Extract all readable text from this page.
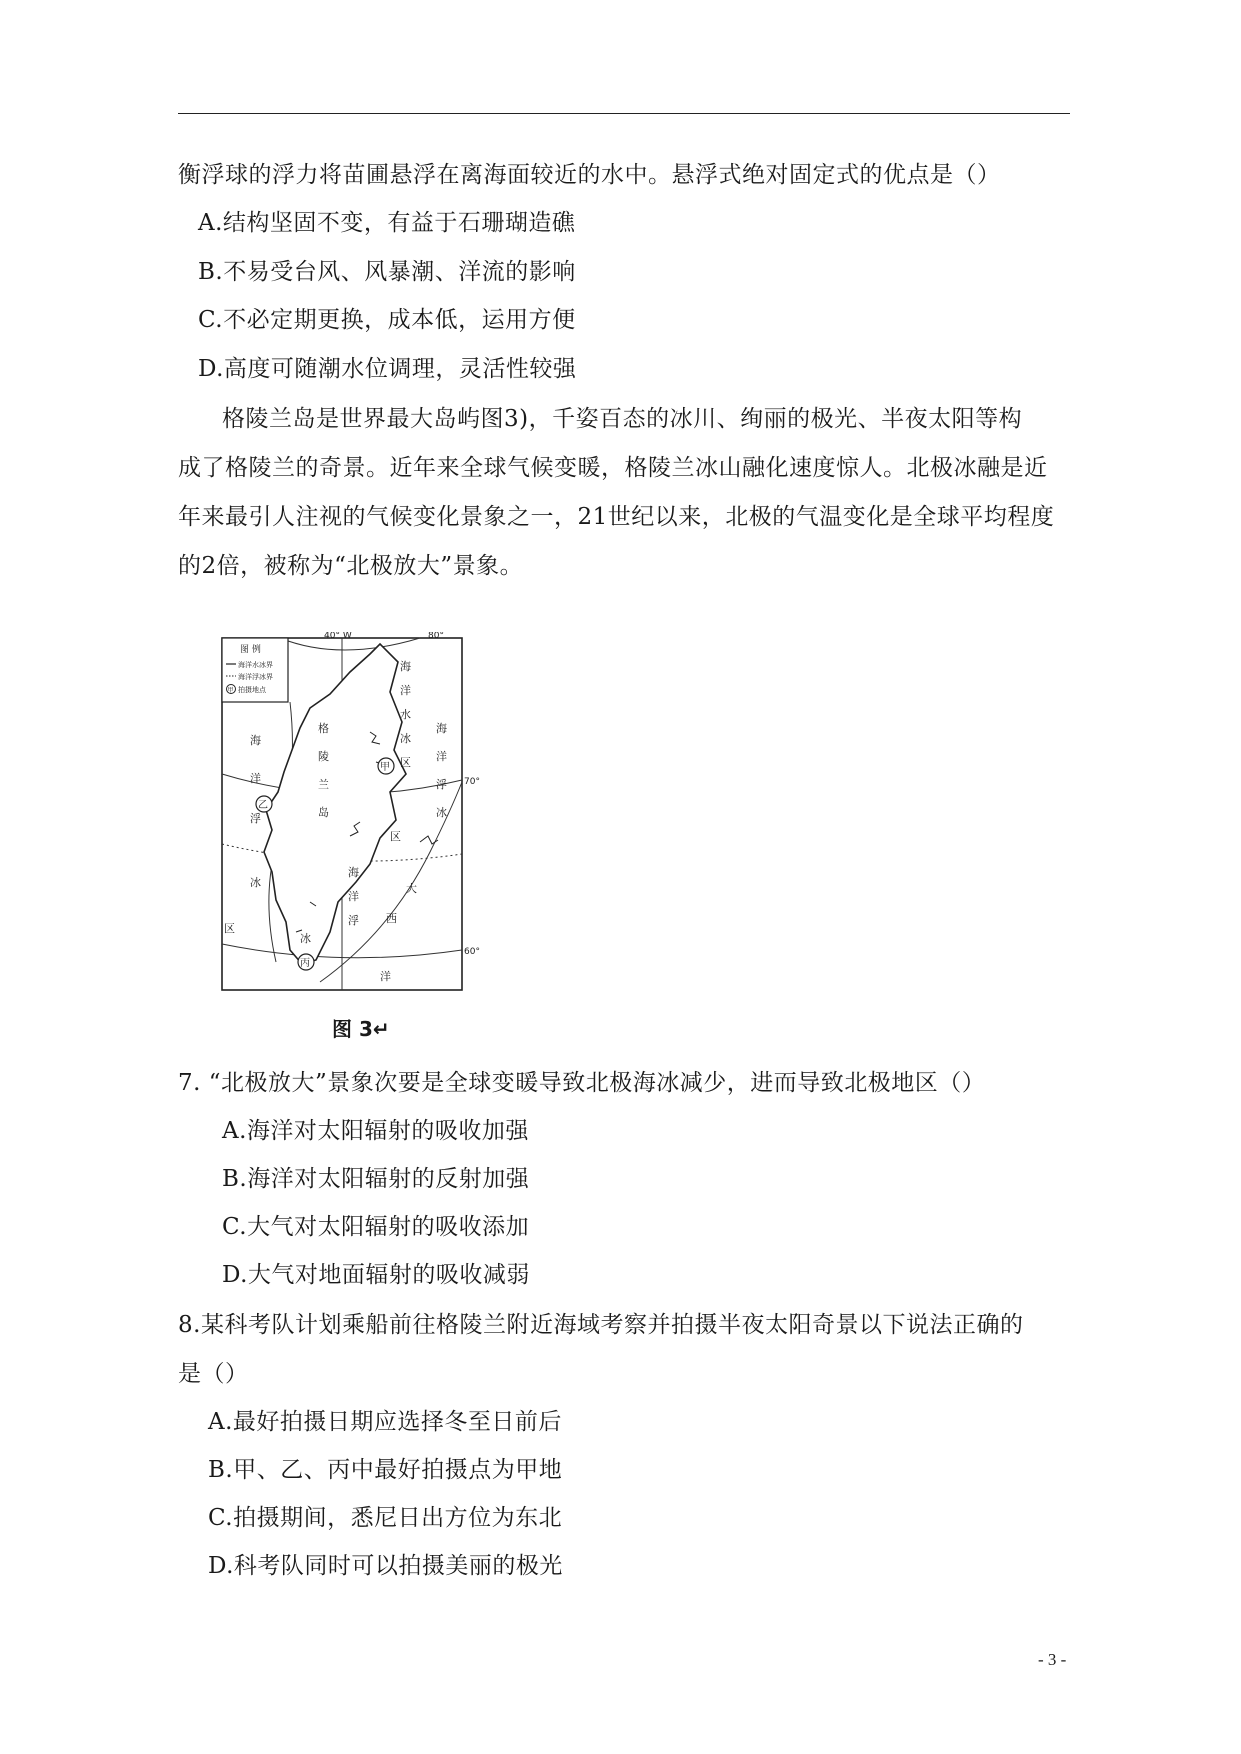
衡浮球的浮力将苗圃悬浮在离海面较近的水中。悬浮式绝对固定式的优点是（）
A.结构坚固不变，有益于石珊瑚造礁
B.不易受台风、风暴潮、洋流的影响
C.不必定期更换，成本低，运用方便
D.高度可随潮水位调理，灵活性较强
格陵兰岛是世界最大岛屿图3)，千姿百态的冰川、绚丽的极光、半夜太阳等构
成了格陵兰的奇景。近年来全球气候变暖，格陵兰冰山融化速度惊人。北极冰融是近
年来最引人注视的气候变化景象之一，21世纪以来，北极的气温变化是全球平均程度
的2倍，被称为“北极放大”景象。
图 例
海洋水冰界
海洋浮冰界
甲 拍摄地点
40° W	80°
70°
60°
格
陵
兰
岛
海
洋
浮
冰
区
海
洋
水
冰
区
海
洋
浮
冰
区
海
洋
浮
冰
大
西
洋
甲
乙
丙
图 3↵
7. “北极放大”景象次要是全球变暖导致北极海冰减少，进而导致北极地区（）
A.海洋对太阳辐射的吸收加强
B.海洋对太阳辐射的反射加强
C.大气对太阳辐射的吸收添加
D.大气对地面辐射的吸收减弱
8.某科考队计划乘船前往格陵兰附近海域考察并拍摄半夜太阳奇景以下说法正确的
是（）
A.最好拍摄日期应选择冬至日前后
B.甲、乙、丙中最好拍摄点为甲地
C.拍摄期间，悉尼日出方位为东北
D.科考队同时可以拍摄美丽的极光
- 3 -
